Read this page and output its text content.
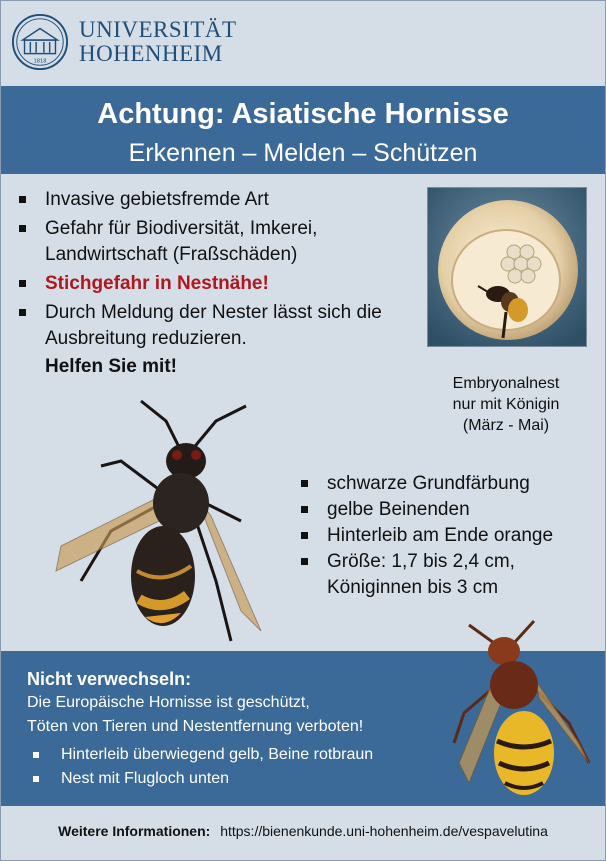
1818
UNIVERSITÄT
HOHENHEIM
Achtung: Asiatische Hornisse
Erkennen – Melden – Schützen
Invasive gebietsfremde Art
Gefahr für Biodiversität, Imkerei, Landwirtschaft (Fraßschäden)
Stichgefahr in Nestnähe!
Durch Meldung der Nester lässt sich die Ausbreitung reduzieren.
Helfen Sie mit!
Embryonalnest
nur mit Königin
(März - Mai)
schwarze Grundfärbung
gelbe Beinenden
Hinterleib am Ende orange
Größe: 1,7 bis 2,4 cm, Königinnen bis 3 cm
Nicht verwechseln:
Die Europäische Hornisse ist geschützt,
Töten von Tieren und Nestentfernung verboten!
Hinterleib überwiegend gelb, Beine rotbraun
Nest mit Flugloch unten
Weitere Informationen: https://bienenkunde.uni-hohenheim.de/vespavelutina
